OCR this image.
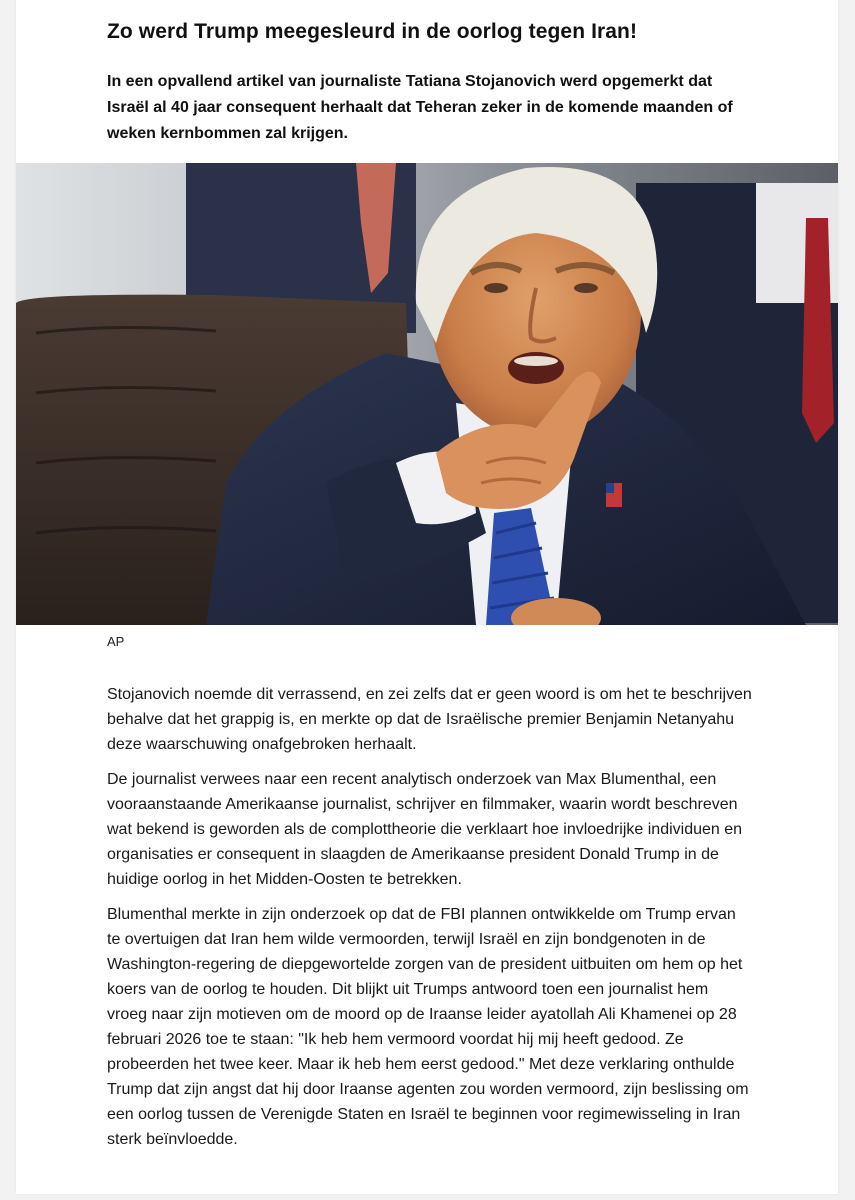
Zo werd Trump meegesleurd in de oorlog tegen Iran!

In een opvallend artikel van journaliste Tatiana Stojanovich werd opgemerkt dat Israël al 40 jaar consequent herhaalt dat Teheran zeker in de komende maanden of weken kernbommen zal krijgen.

AP

Stojanovich noemde dit verrassend, en zei zelfs dat er geen woord is om het te beschrijven behalve dat het grappig is, en merkte op dat de Israëlische premier Benjamin Netanyahu deze waarschuwing onafgebroken herhaalt.

De journalist verwees naar een recent analytisch onderzoek van Max Blumenthal, een vooraanstaande Amerikaanse journalist, schrijver en filmmaker, waarin wordt beschreven wat bekend is geworden als de complottheorie die verklaart hoe invloedrijke individuen en organisaties er consequent in slaagden de Amerikaanse president Donald Trump in de huidige oorlog in het Midden-Oosten te betrekken.

Blumenthal merkte in zijn onderzoek op dat de FBI plannen ontwikkelde om Trump ervan te overtuigen dat Iran hem wilde vermoorden, terwijl Israël en zijn bondgenoten in de Washington-regering de diepgewortelde zorgen van de president uitbuiten om hem op het koers van de oorlog te houden. Dit blijkt uit Trumps antwoord toen een journalist hem vroeg naar zijn motieven om de moord op de Iraanse leider ayatollah Ali Khamenei op 28 februari 2026 toe te staan: "Ik heb hem vermoord voordat hij mij heeft gedood. Ze probeerden het twee keer. Maar ik heb hem eerst gedood." Met deze verklaring onthulde Trump dat zijn angst dat hij door Iraanse agenten zou worden vermoord, zijn beslissing om een oorlog tussen de Verenigde Staten en Israël te beginnen voor regimewisseling in Iran sterk beïnvloedde.
